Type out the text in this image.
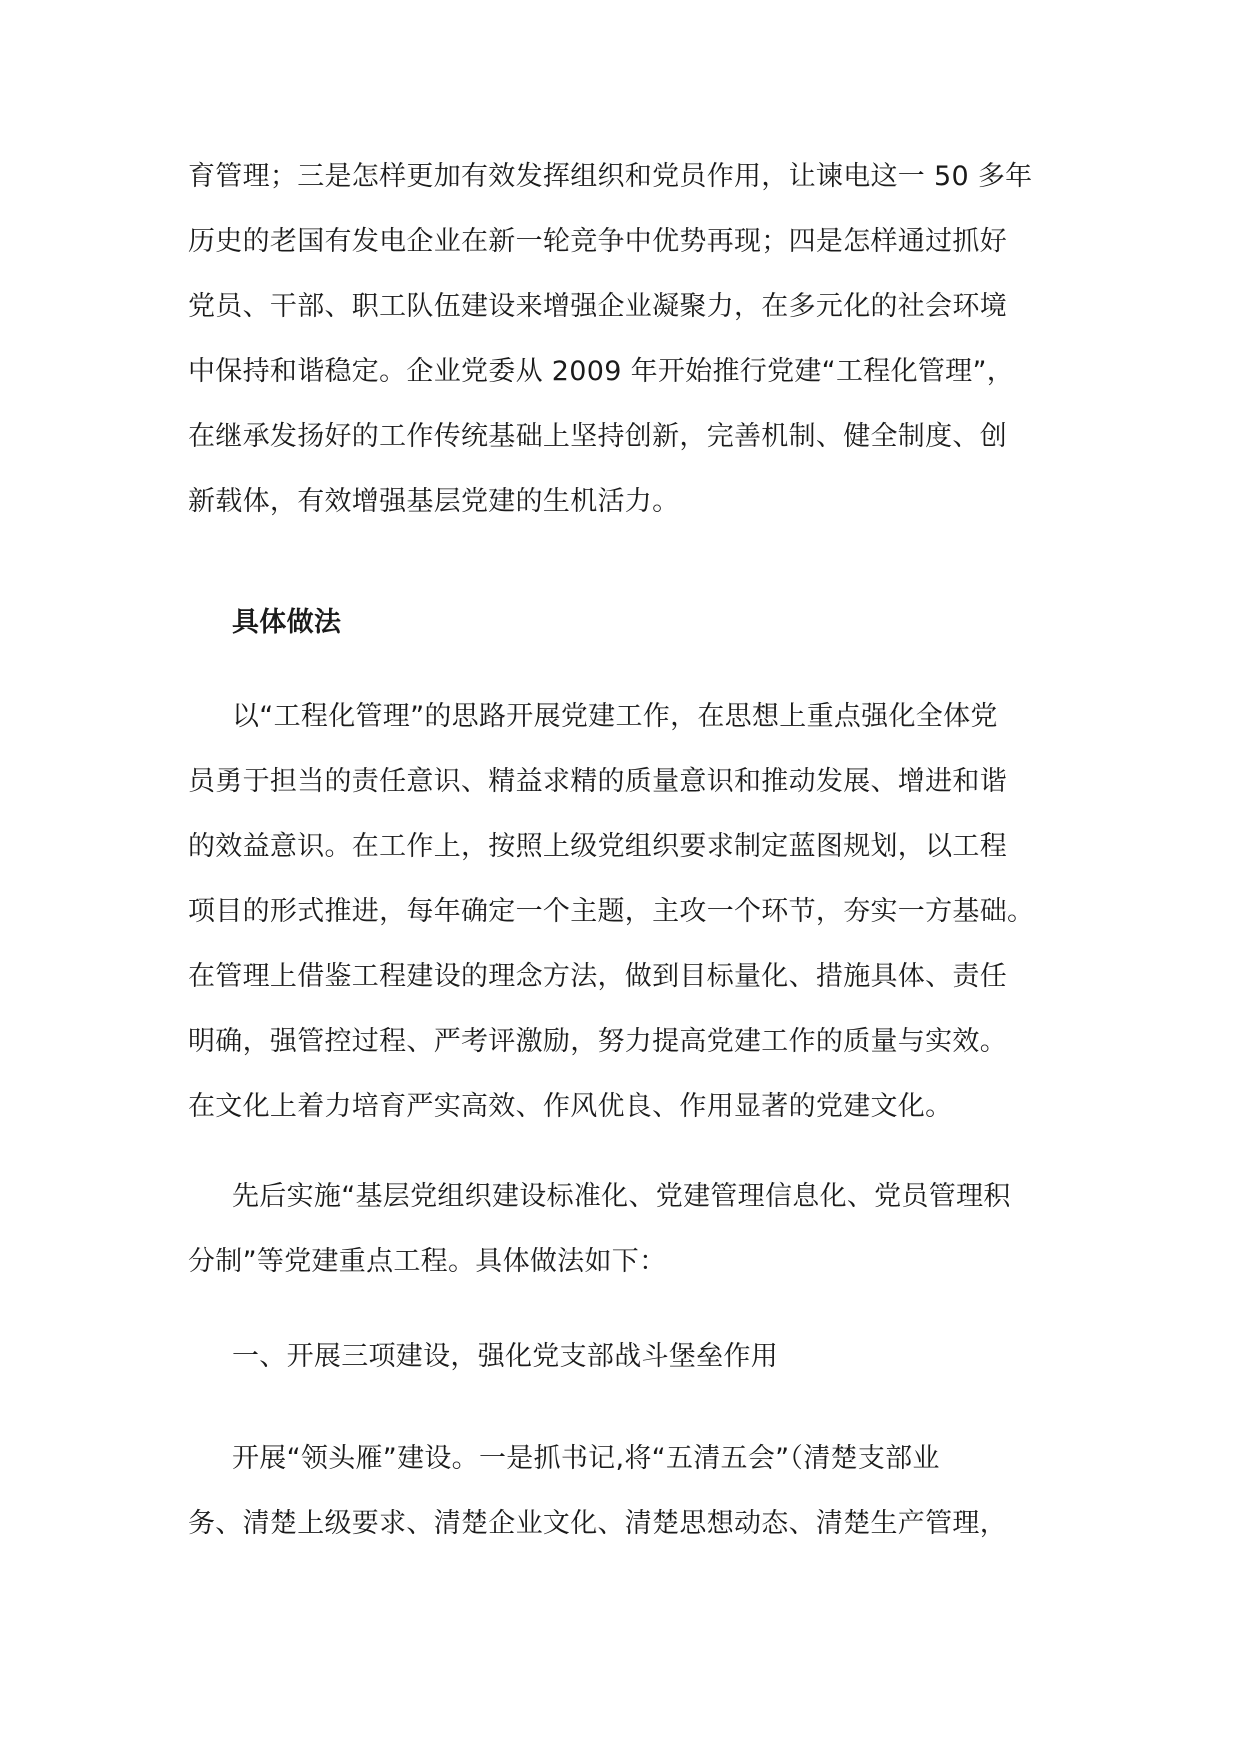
育管理；三是怎样更加有效发挥组织和党员作用，让谏电这一 50 多年
历史的老国有发电企业在新一轮竞争中优势再现；四是怎样通过抓好
党员、干部、职工队伍建设来增强企业凝聚力，在多元化的社会环境
中保持和谐稳定。企业党委从 2009 年开始推行党建“工程化管理”，
在继承发扬好的工作传统基础上坚持创新，完善机制、健全制度、创
新载体，有效增强基层党建的生机活力。

具体做法

以“工程化管理”的思路开展党建工作，在思想上重点强化全体党
员勇于担当的责任意识、精益求精的质量意识和推动发展、增进和谐
的效益意识。在工作上，按照上级党组织要求制定蓝图规划，以工程
项目的形式推进，每年确定一个主题，主攻一个环节，夯实一方基础。
在管理上借鉴工程建设的理念方法，做到目标量化、措施具体、责任
明确，强管控过程、严考评激励，努力提高党建工作的质量与实效。
在文化上着力培育严实高效、作风优良、作用显著的党建文化。

先后实施“基层党组织建设标准化、党建管理信息化、党员管理积
分制”等党建重点工程。具体做法如下：

一、开展三项建设，强化党支部战斗堡垒作用

开展“领头雁”建设。一是抓书记,将“五清五会”（清楚支部业
务、清楚上级要求、清楚企业文化、清楚思想动态、清楚生产管理，
